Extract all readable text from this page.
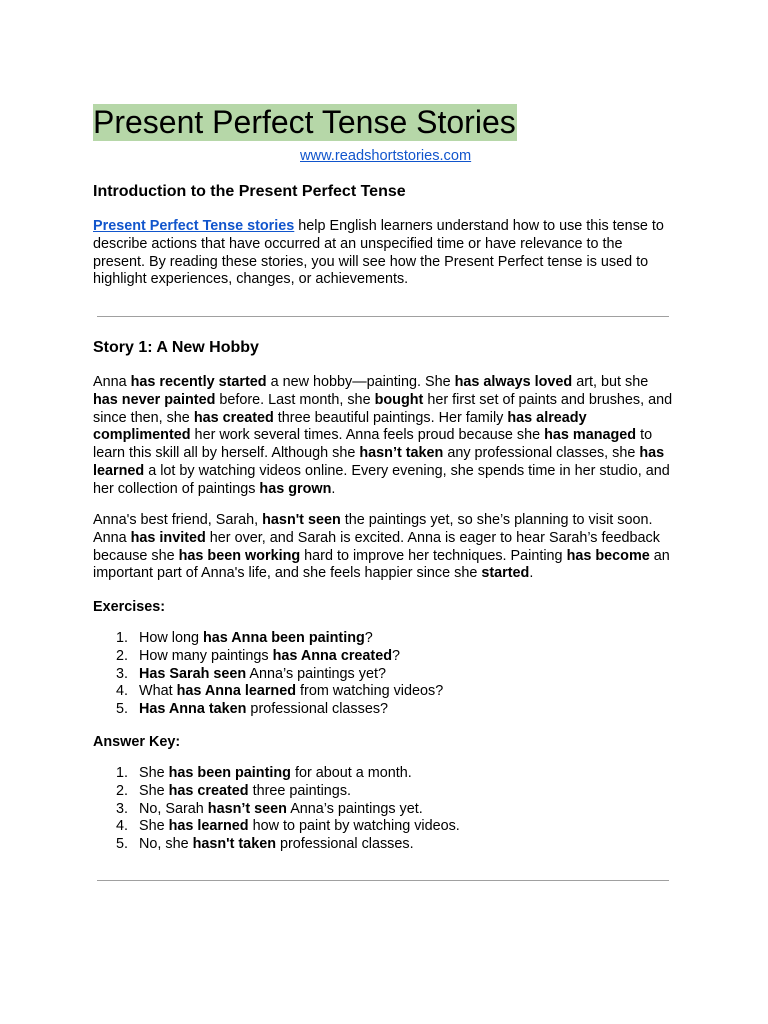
Present Perfect Tense Stories
www.readshortstories.com
Introduction to the Present Perfect Tense

Present Perfect Tense stories help English learners understand how to use this tense to describe actions that have occurred at an unspecified time or have relevance to the present. By reading these stories, you will see how the Present Perfect tense is used to highlight experiences, changes, or achievements.

Story 1: A New Hobby

Anna has recently started a new hobby—painting. She has always loved art, but she has never painted before. Last month, she bought her first set of paints and brushes, and since then, she has created three beautiful paintings. Her family has already complimented her work several times. Anna feels proud because she has managed to learn this skill all by herself. Although she hasn’t taken any professional classes, she has learned a lot by watching videos online. Every evening, she spends time in her studio, and her collection of paintings has grown.

Anna's best friend, Sarah, hasn't seen the paintings yet, so she’s planning to visit soon. Anna has invited her over, and Sarah is excited. Anna is eager to hear Sarah’s feedback because she has been working hard to improve her techniques. Painting has become an important part of Anna's life, and she feels happier since she started.

Exercises:

1. How long has Anna been painting?
2. How many paintings has Anna created?
3. Has Sarah seen Anna’s paintings yet?
4. What has Anna learned from watching videos?
5. Has Anna taken professional classes?

Answer Key:

1. She has been painting for about a month.
2. She has created three paintings.
3. No, Sarah hasn’t seen Anna’s paintings yet.
4. She has learned how to paint by watching videos.
5. No, she hasn't taken professional classes.
